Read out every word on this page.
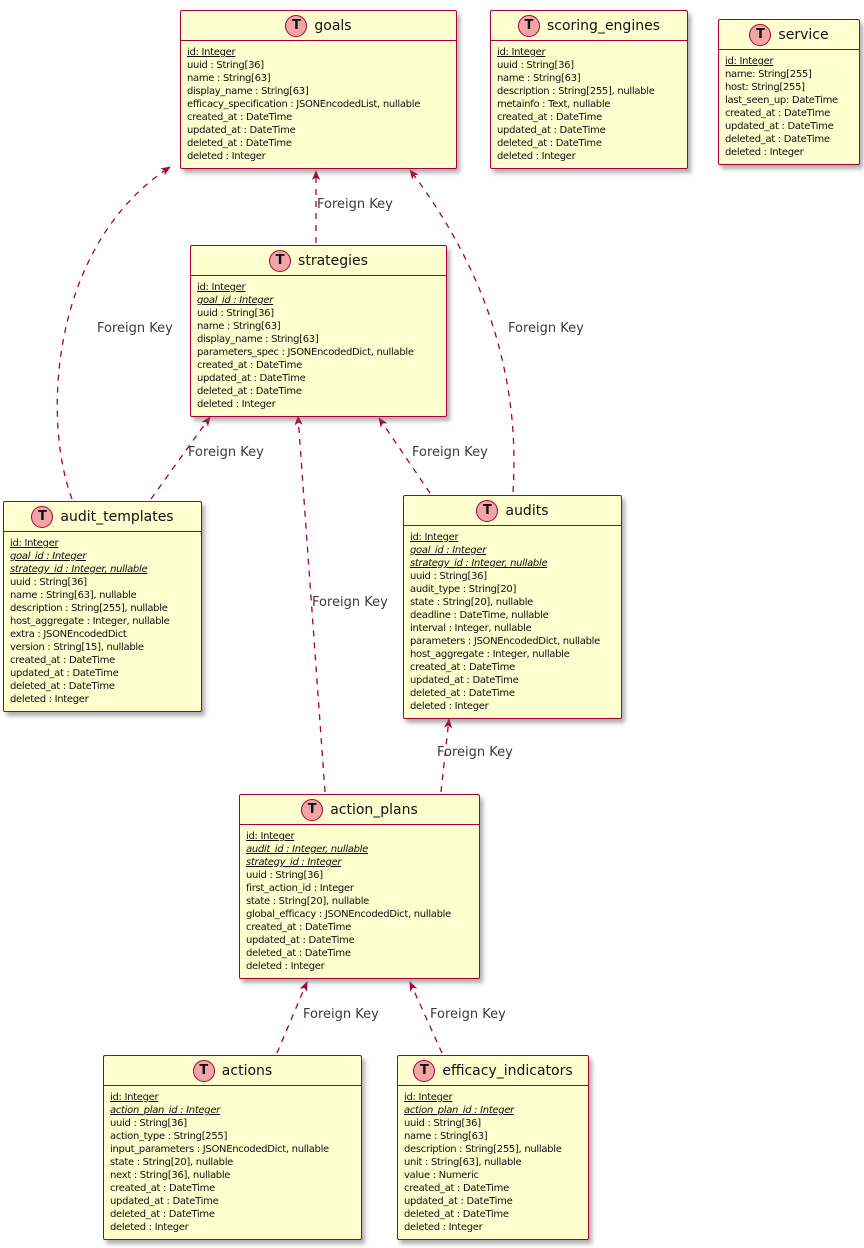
T goals
id: Integer
uuid : String[36]
name : String[63]
display_name : String[63]
efficacy_specification : JSONEncodedList, nullable
created_at : DateTime
updated_at : DateTime
deleted_at : DateTime
deleted : Integer
T scoring_engines
id: Integer
uuid : String[36]
name : String[63]
description : String[255], nullable
metainfo : Text, nullable
created_at : DateTime
updated_at : DateTime
deleted_at : DateTime
deleted : Integer
T service
id: Integer
name: String[255]
host: String[255]
last_seen_up: DateTime
created_at : DateTime
updated_at : DateTime
deleted_at : DateTime
deleted : Integer
T strategies
id: Integer
goal_id : Integer
uuid : String[36]
name : String[63]
display_name : String[63]
parameters_spec : JSONEncodedDict, nullable
created_at : DateTime
updated_at : DateTime
deleted_at : DateTime
deleted : Integer
T audit_templates
id: Integer
goal_id : Integer
strategy_id : Integer, nullable
uuid : String[36]
name : String[63], nullable
description : String[255], nullable
host_aggregate : Integer, nullable
extra : JSONEncodedDict
version : String[15], nullable
created_at : DateTime
updated_at : DateTime
deleted_at : DateTime
deleted : Integer
T audits
id: Integer
goal_id : Integer
strategy_id : Integer, nullable
uuid : String[36]
audit_type : String[20]
state : String[20], nullable
deadline : DateTime, nullable
interval : Integer, nullable
parameters : JSONEncodedDict, nullable
host_aggregate : Integer, nullable
created_at : DateTime
updated_at : DateTime
deleted_at : DateTime
deleted : Integer
T action_plans
id: Integer
audit_id : Integer, nullable
strategy_id : Integer
uuid : String[36]
first_action_id : Integer
state : String[20], nullable
global_efficacy : JSONEncodedDict, nullable
created_at : DateTime
updated_at : DateTime
deleted_at : DateTime
deleted : Integer
T actions
id: Integer
action_plan_id : Integer
uuid : String[36]
action_type : String[255]
input_parameters : JSONEncodedDict, nullable
state : String[20], nullable
next : String[36], nullable
created_at : DateTime
updated_at : DateTime
deleted_at : DateTime
deleted : Integer
T efficacy_indicators
id: Integer
action_plan_id : Integer
uuid : String[36]
name : String[63]
description : String[255], nullable
unit : String[63], nullable
value : Numeric
created_at : DateTime
updated_at : DateTime
deleted_at : DateTime
deleted : Integer
Foreign Key
Foreign Key	Foreign Key
Foreign Key	Foreign Key
Foreign Key
Foreign Key
Foreign Key	Foreign Key
